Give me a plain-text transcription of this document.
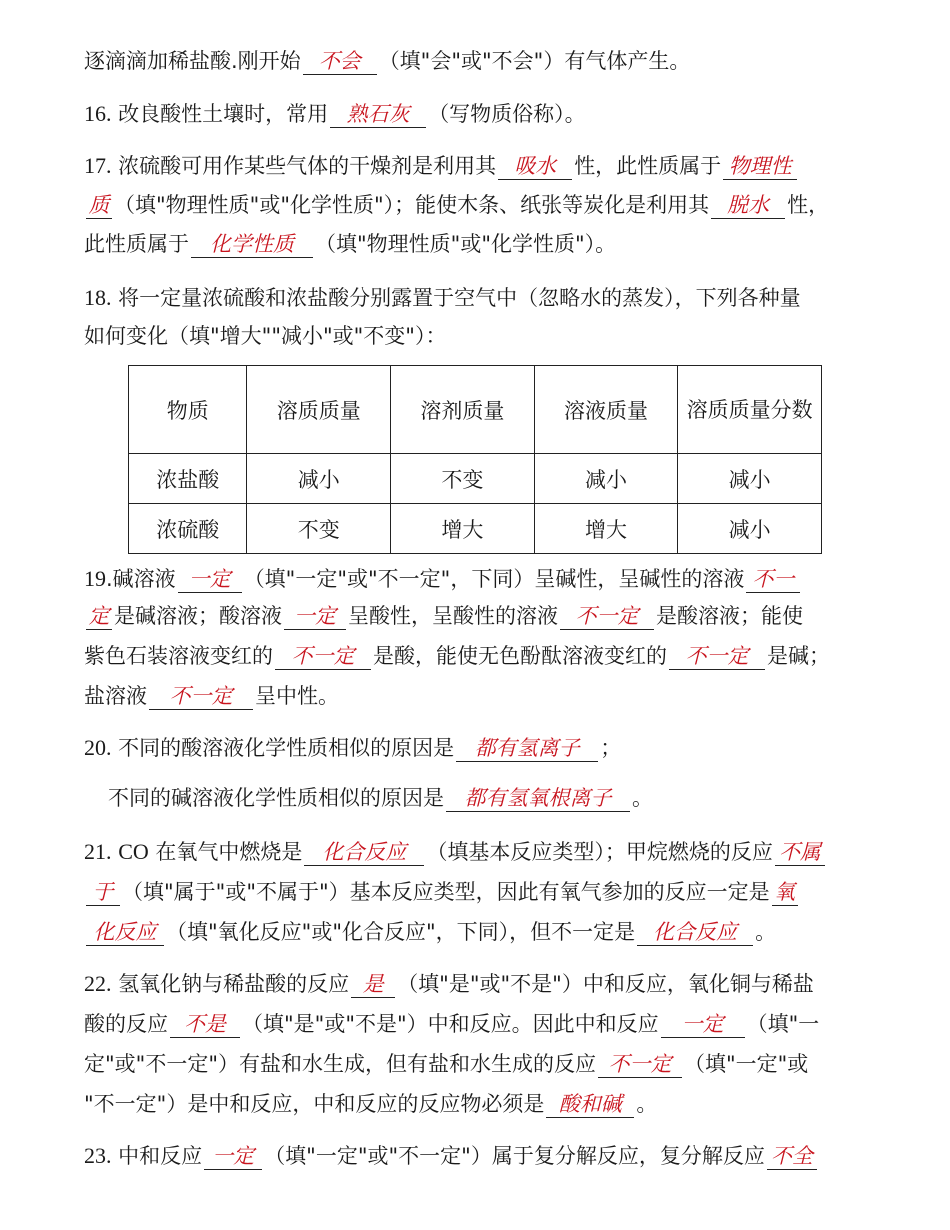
逐滴滴加稀盐酸.刚开始 不会 （填"会"或"不会"）有气体产生。
16. 改良酸性土壤时，常用 熟石灰 （写物质俗称）。
17. 浓硫酸可用作某些气体的干燥剂是利用其 吸水 性，此性质属于 物理性
质 （填"物理性质"或"化学性质"）；能使木条、纸张等炭化是利用其 脱水 性，
此性质属于 化学性质 （填"物理性质"或"化学性质"）。
18. 将一定量浓硫酸和浓盐酸分别露置于空气中（忽略水的蒸发），下列各种量
如何变化（填"增大""减小"或"不变"）：
19.碱溶液 一定 （填"一定"或"不一定"，下同）呈碱性，呈碱性的溶液 不一
定 是碱溶液；酸溶液 一定 呈酸性，呈酸性的溶液 不一定 是酸溶液；能使
紫色石装溶液变红的 不一定 是酸，能使无色酚酞溶液变红的 不一定 是碱；
盐溶液 不一定 呈中性。
20. 不同的酸溶液化学性质相似的原因是 都有氢离子 ；
不同的碱溶液化学性质相似的原因是 都有氢氧根离子 。
21. CO 在氧气中燃烧是 化合反应 （填基本反应类型）；甲烷燃烧的反应 不属
于 （填"属于"或"不属于"）基本反应类型，因此有氧气参加的反应一定是 氧
化反应 （填"氧化反应"或"化合反应"，下同），但不一定是 化合反应 。
22. 氢氧化钠与稀盐酸的反应 是 （填"是"或"不是"）中和反应，氧化铜与稀盐
酸的反应 不是 （填"是"或"不是"）中和反应。因此中和反应 一定 （填"一
定"或"不一定"）有盐和水生成，但有盐和水生成的反应 不一定 （填"一定"或
"不一定"）是中和反应，中和反应的反应物必须是 酸和碱 。
23. 中和反应 一定 （填"一定"或"不一定"）属于复分解反应，复分解反应 不全
物质	溶质质量	溶剂质量	溶液质量	溶质质量分数
浓盐酸	减小	不变	减小	减小
浓硫酸	不变	增大	增大	减小
